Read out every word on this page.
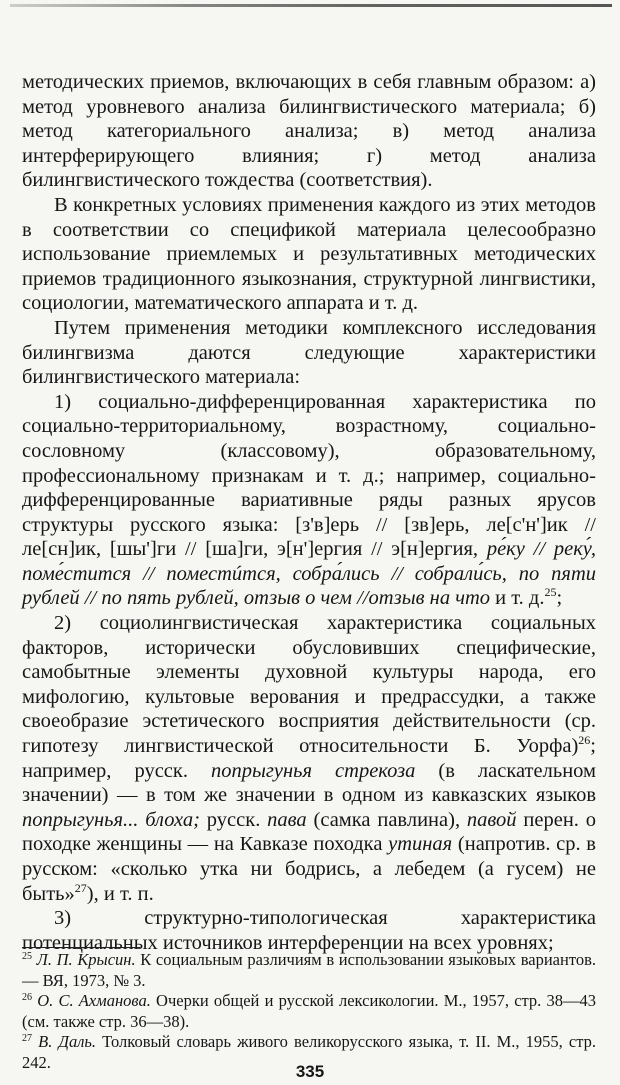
методических приемов, включающих в себя главным образом: а) метод уровневого анализа билингвистического материала; б) метод категориального анализа; в) метод анализа интерферирующего влияния; г) метод анализа билингвистического тождества (соответствия).

В конкретных условиях применения каждого из этих методов в соответствии со спецификой материала целесообразно использование приемлемых и результативных методических приемов традиционного языкознания, структурной лингвистики, социологии, математического аппарата и т. д.

Путем применения методики комплексного исследования билингвизма даются следующие характеристики билингвистического материала:

1) социально-дифференцированная характеристика по социально-территориальному, возрастному, социально-сословному (классовому), образовательному, профессиональному признакам и т. д.; например, социально-дифференцированные вариативные ряды разных ярусов структуры русского языка: [з'в]ерь // [зв]ерь, ле[с'н']ик // ле[сн]ик, [шы']ги // [ша]ги, э[н']ергия // э[н]ергия, ре́ку // реку́, поме́стится // поместúтся, собра́лись // собрали́сь, по пяти рублей // по пять рублей, отзыв о чем //отзыв на что и т. д.$^{25}$;

2) социолингвистическая характеристика социальных факторов, исторически обусловивших специфические, самобытные элементы духовной культуры народа, его мифологию, культовые верования и предрассудки, а также своеобразие эстетического восприятия действительности (ср. гипотезу лингвистической относительности Б. Уорфа)$^{26}$; например, русск. попрыгунья стрекоза (в ласкательном значении) — в том же значении в одном из кавказских языков попрыгунья... блоха; русск. пава (самка павлина), павой перен. о походке женщины — на Кавказе походка утиная (напротив. ср. в русском: «сколько утка ни бодрись, а лебедем (а гусем) не быть»$^{27}$), и т. п.

3) структурно-типологическая характеристика потенциальных источников интерференции на всех уровнях;

$^{25}$ Л. П. Крысин. К социальным различиям в использовании языковых вариантов.— ВЯ, 1973, № 3.

$^{26}$ О. С. Ахманова. Очерки общей и русской лексикологии. М., 1957, стр. 38—43 (см. также стр. 36—38).

$^{27}$ В. Даль. Толковый словарь живого великорусского языка, т. II. М., 1955, стр. 242.	335
